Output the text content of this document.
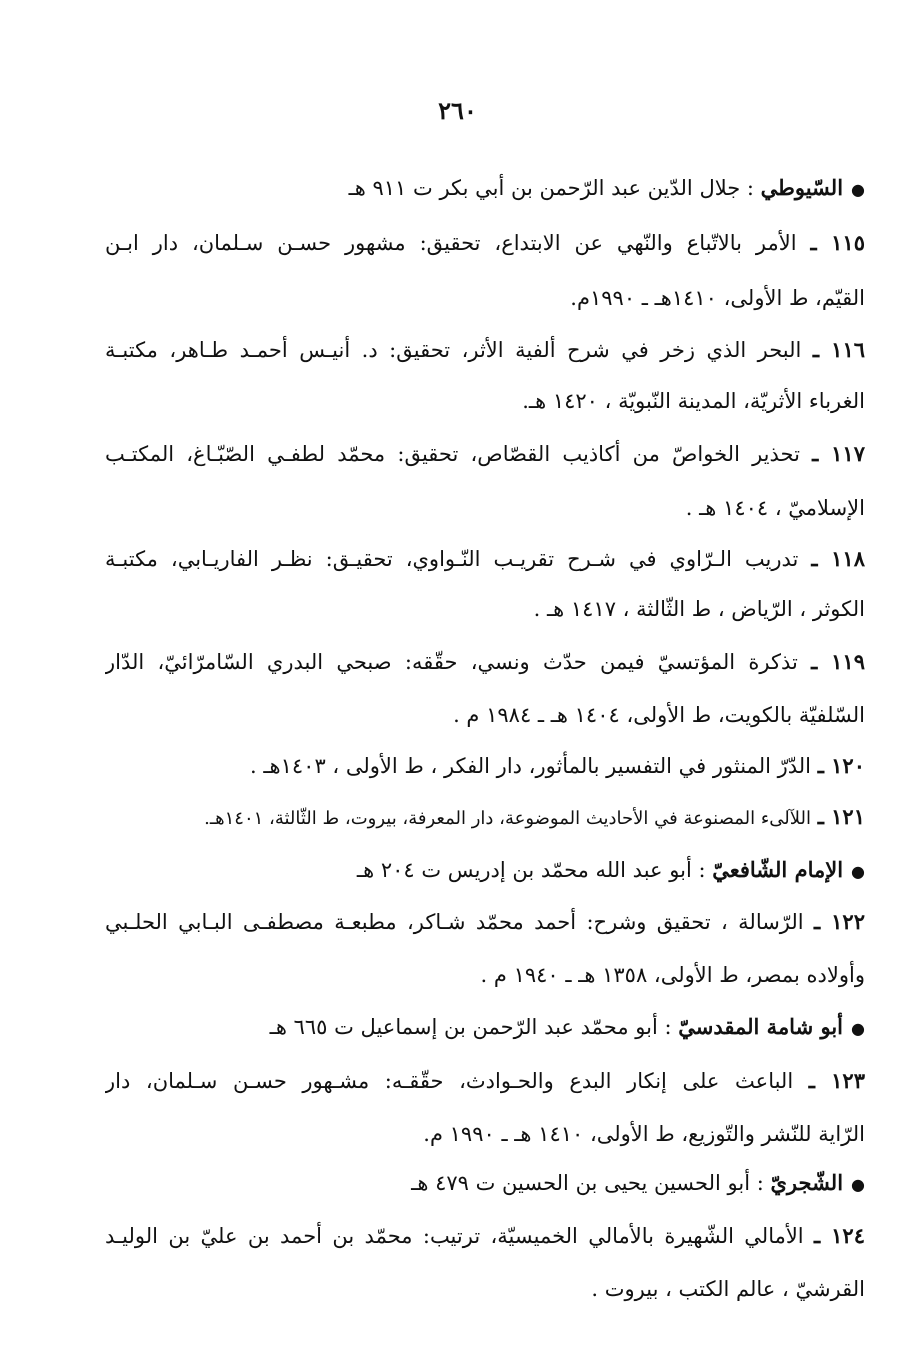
٢٦٠
●السّيوطي : جلال الدّين عبد الرّحمن بن أبي بكر ت ٩١١ هـ
١١٥ ـ الأمر بالاتّباع والنّهي عن الابتداع، تحقيق: مشهور حسـن سـلمان، دار ابـن
القيّم، ط الأولى، ١٤١٠هـ ـ ١٩٩٠م.
١١٦ ـ البحر الذي زخر في شرح ألفية الأثر، تحقيق: د. أنيـس أحمـد طـاهر، مكتبـة
الغرباء الأثريّة، المدينة النّبويّة ، ١٤٢٠ هـ.
١١٧ ـ تحذير الخواصّ من أكاذيب القصّاص، تحقيق: محمّد لطفـي الصّبّـاغ، المكتـب
الإسلاميّ ، ١٤٠٤ هـ .
١١٨ ـ تدريب الـرّاوي في شـرح تقريـب النّـواوي، تحقيـق: نظـر الفاريـابي، مكتبـة
الكوثر ، الرّياض ، ط الثّالثة ، ١٤١٧ هـ .
١١٩ ـ تذكرة المؤتسيّ فيمن حدّث ونسي، حقّقه: صبحي البدري السّامرّائيّ، الدّار
السّلفيّة بالكويت، ط الأولى، ١٤٠٤ هـ ـ ١٩٨٤ م .
١٢٠ ـ الدّرّ المنثور في التفسير بالمأثور، دار الفكر ، ط الأولى ، ١٤٠٣هـ .
١٢١ ـ اللآلىء المصنوعة في الأحاديث الموضوعة، دار المعرفة، بيروت، ط الثّالثة، ١٤٠١هـ.
●الإمام الشّافعيّ : أبو عبد الله محمّد بن إدريس ت ٢٠٤ هـ
١٢٢ ـ الرّسالة ، تحقيق وشرح: أحمد محمّد شـاكر، مطبعـة مصطفـى البـابي الحلـبي
وأولاده بمصر، ط الأولى، ١٣٥٨ هـ ـ ١٩٤٠ م .
●أبو شامة المقدسيّ : أبو محمّد عبد الرّحمن بن إسماعيل ت ٦٦٥ هـ
١٢٣ ـ الباعث على إنكار البدع والحـوادث، حقّقـه: مشـهور حسـن سـلمان، دار
الرّاية للنّشر والتّوزيع، ط الأولى، ١٤١٠ هـ ـ ١٩٩٠ م.
●الشّجريّ : أبو الحسين يحيى بن الحسين ت ٤٧٩ هـ
١٢٤ ـ الأمالي الشّهيرة بالأمالي الخميسيّة، ترتيب: محمّد بن أحمد بن عليّ بن الوليـد
القرشيّ ، عالم الكتب ، بيروت .
